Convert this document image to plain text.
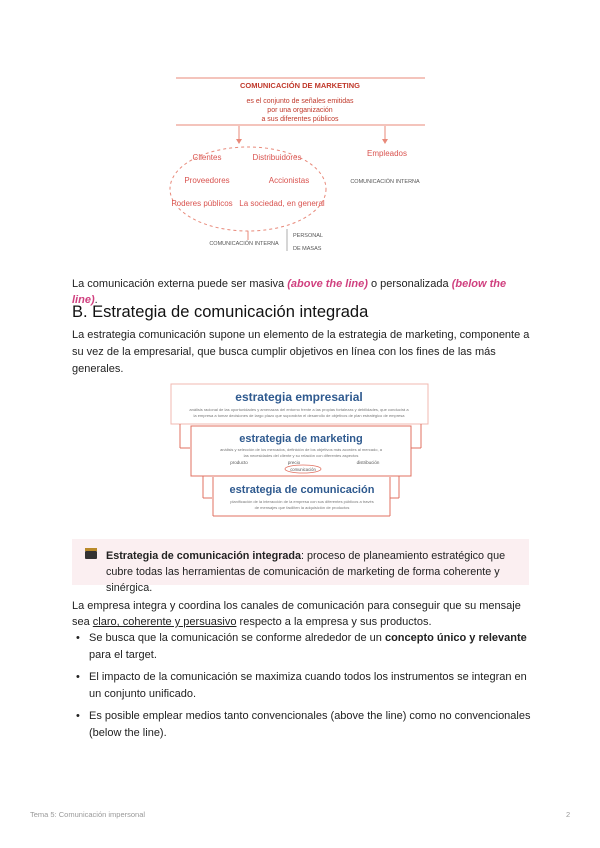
COMUNICACIÓN DE MARKETING
es el conjunto de señales emitidas
por una organización
a sus diferentes públicos
Clientes	Distribuidores
Proveedores	Accionistas
Poderes públicos La sociedad, en general
Empleados
COMUNICACIÓN INTERNA
COMUNICACIÓN INTERNA
PERSONAL
DE MASAS
La comunicación externa puede ser masiva (above the line) o personalizada (below the line).
B. Estrategia de comunicación integrada
La estrategia comunicación supone un elemento de la estrategia de marketing, componente a su vez de la empresarial, que busca cumplir objetivos en línea con los fines de las más generales.
estrategia empresarial
análisis racional de las oportunidades y amenazas del entorno frente a las propias fortalezas y debilidades, que conducirá a
la empresa a tomar decisiones de largo plazo que supondrán el desarrollo de objetivos de plan estratégico de empresa
estrategia de marketing
análisis y selección de los mercados, definición de los objetivos más acordes al mercado, a
las necesidades del cliente y su relación con diferentes aspectos
producto	precio	distribución
comunicación
estrategia de comunicación
planificación de la interacción de la empresa con sus diferentes públicos a través
de mensajes que faciliten la adquisición de productos
Estrategia de comunicación integrada: proceso de planeamiento estratégico que cubre todas las herramientas de comunicación de marketing de forma coherente y sinérgica.
La empresa integra y coordina los canales de comunicación para conseguir que su mensaje sea claro, coherente y persuasivo respecto a la empresa y sus productos.
• Se busca que la comunicación se conforme alrededor de un concepto único y relevante para el target.
• El impacto de la comunicación se maximiza cuando todos los instrumentos se integran en un conjunto unificado.
• Es posible emplear medios tanto convencionales (above the line) como no convencionales (below the line).
Tema 5: Comunicación impersonal	2
